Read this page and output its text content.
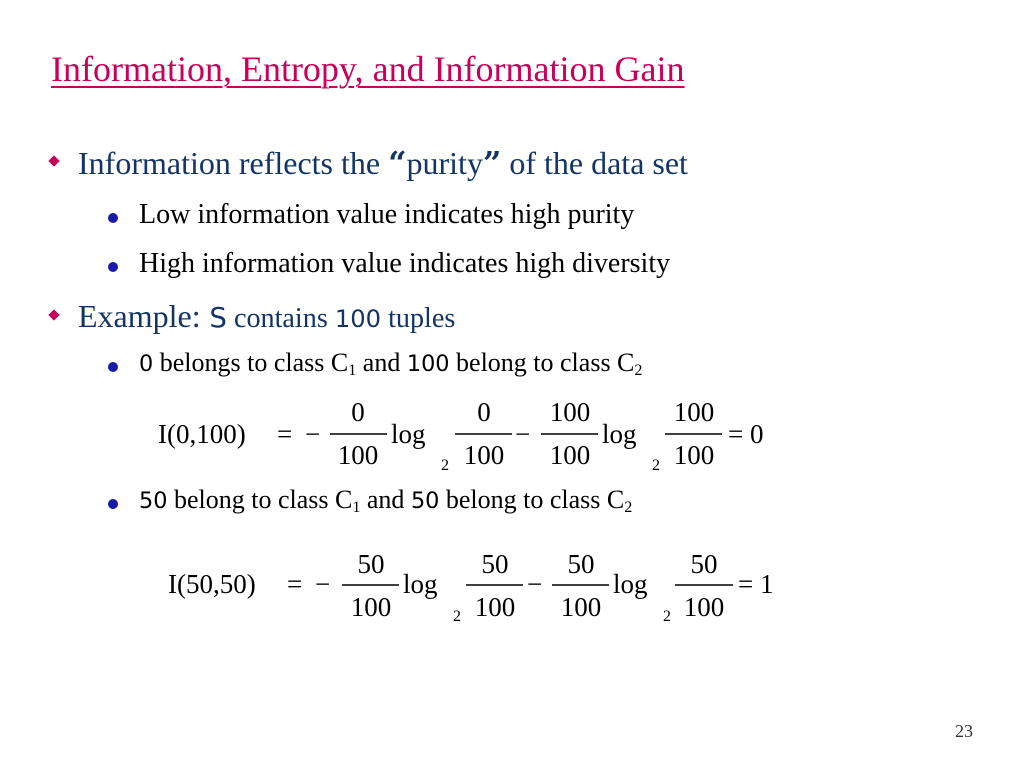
Information, Entropy, and Information Gain
Information reflects the “purity” of the data set
Low information value indicates high purity
High information value indicates high diversity
Example: S contains 100 tuples
0 belongs to class $C_1$ and 100 belong to class $C_2$
I(0,100) = −
0
100
log
2
0
100
−
100
100
log
2
100
100
= 0
50 belong to class $C_1$ and 50 belong to class $C_2$
I(50,50) = −
50
100
log
2
50
100
−
50
100
log
2
50
100
= 1
23
